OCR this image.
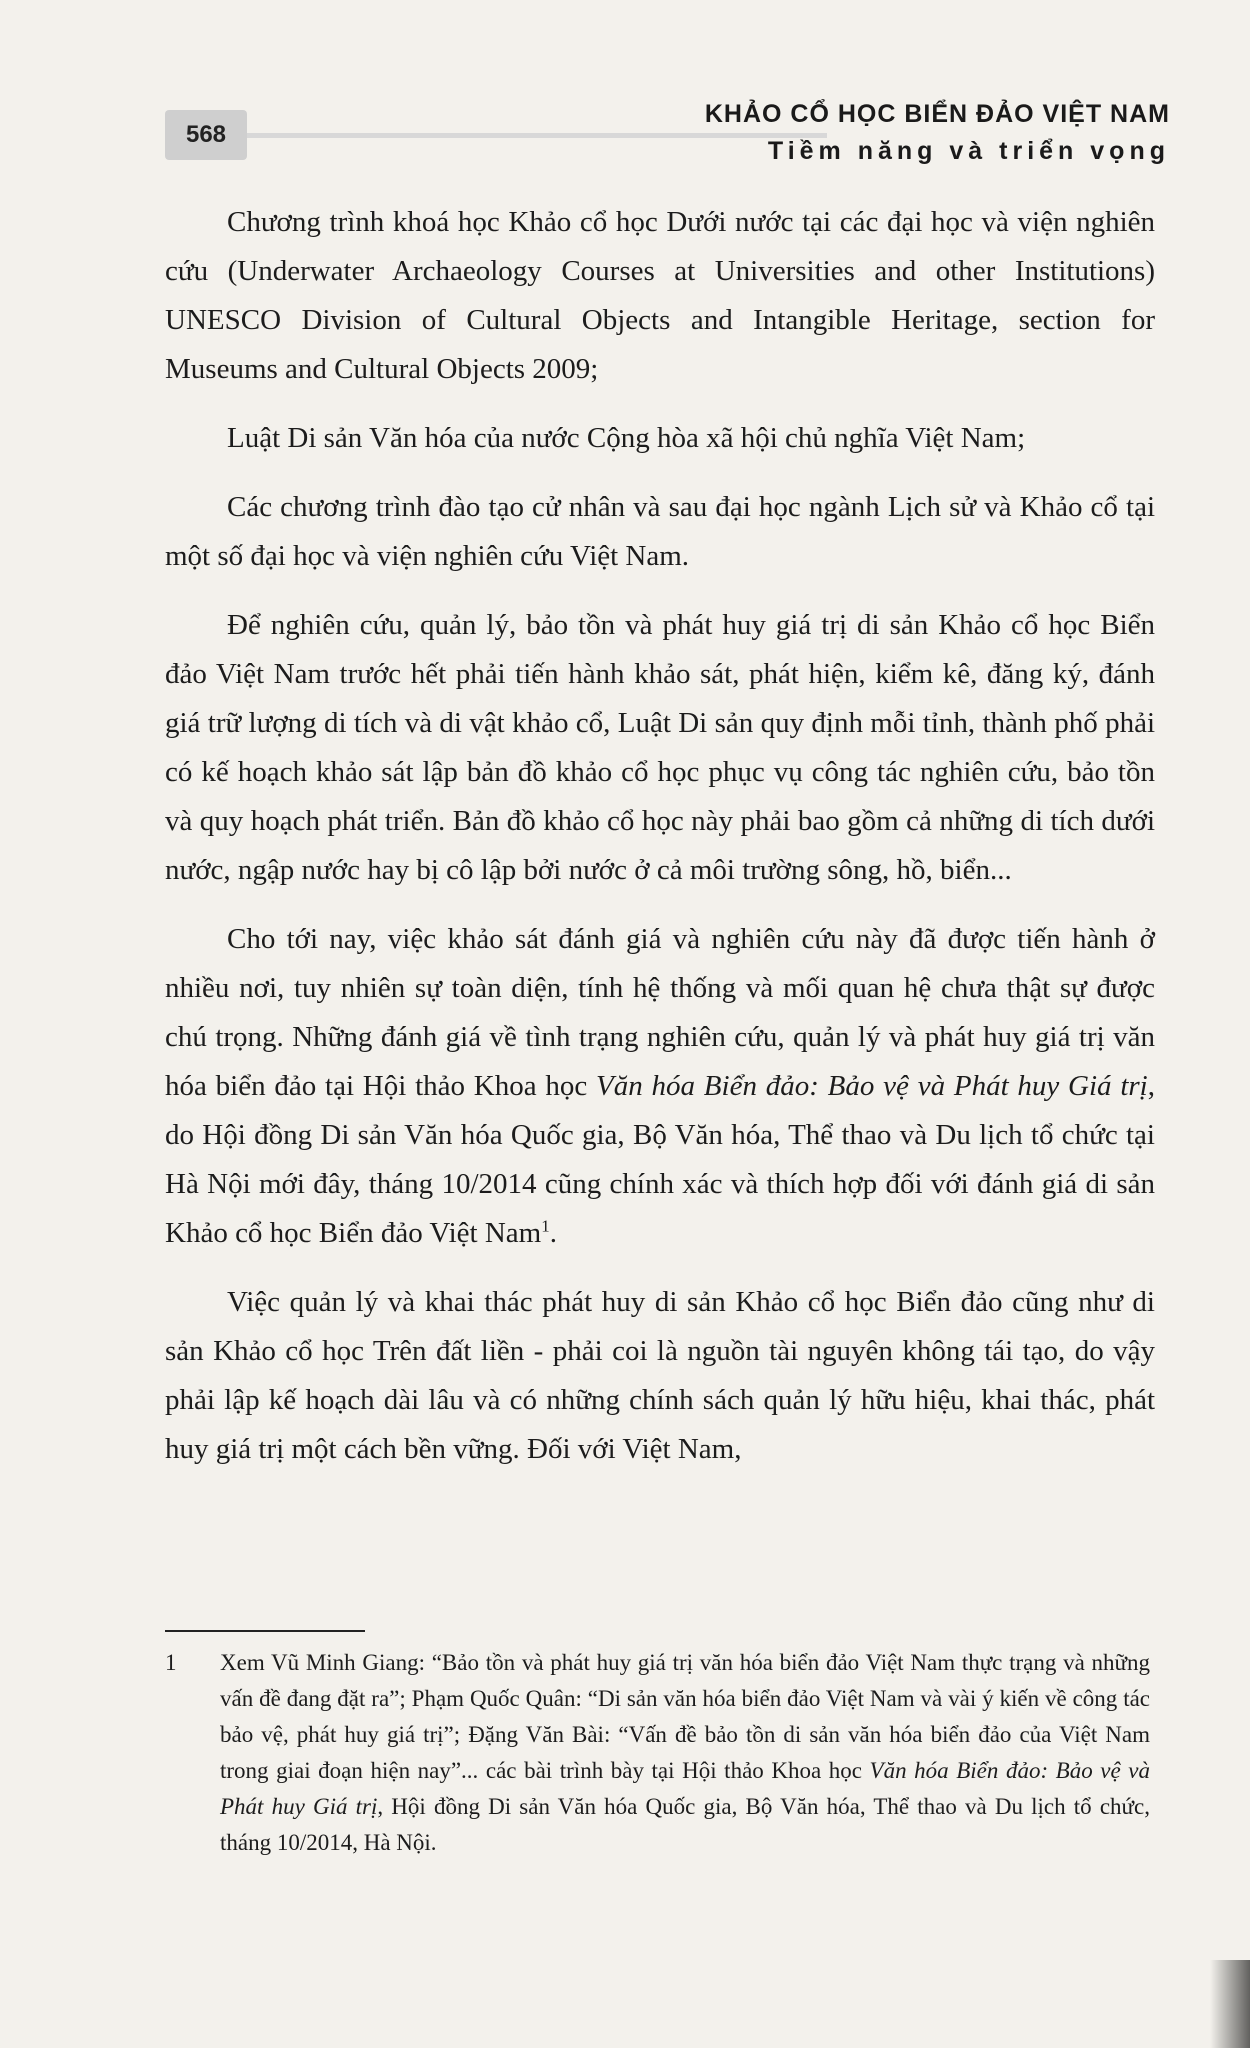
568
KHẢO CỔ HỌC BIỂN ĐẢO VIỆT NAM
Tiềm năng và triển vọng

Chương trình khoá học Khảo cổ học Dưới nước tại các đại học và viện nghiên cứu (Underwater Archaeology Courses at Universities and other Institutions) UNESCO Division of Cultural Objects and Intangible Heritage, section for Museums and Cultural Objects 2009;

Luật Di sản Văn hóa của nước Cộng hòa xã hội chủ nghĩa Việt Nam;

Các chương trình đào tạo cử nhân và sau đại học ngành Lịch sử và Khảo cổ tại một số đại học và viện nghiên cứu Việt Nam.

Để nghiên cứu, quản lý, bảo tồn và phát huy giá trị di sản Khảo cổ học Biển đảo Việt Nam trước hết phải tiến hành khảo sát, phát hiện, kiểm kê, đăng ký, đánh giá trữ lượng di tích và di vật khảo cổ, Luật Di sản quy định mỗi tỉnh, thành phố phải có kế hoạch khảo sát lập bản đồ khảo cổ học phục vụ công tác nghiên cứu, bảo tồn và quy hoạch phát triển. Bản đồ khảo cổ học này phải bao gồm cả những di tích dưới nước, ngập nước hay bị cô lập bởi nước ở cả môi trường sông, hồ, biển...

Cho tới nay, việc khảo sát đánh giá và nghiên cứu này đã được tiến hành ở nhiều nơi, tuy nhiên sự toàn diện, tính hệ thống và mối quan hệ chưa thật sự được chú trọng. Những đánh giá về tình trạng nghiên cứu, quản lý và phát huy giá trị văn hóa biển đảo tại Hội thảo Khoa học Văn hóa Biển đảo: Bảo vệ và Phát huy Giá trị, do Hội đồng Di sản Văn hóa Quốc gia, Bộ Văn hóa, Thể thao và Du lịch tổ chức tại Hà Nội mới đây, tháng 10/2014 cũng chính xác và thích hợp đối với đánh giá di sản Khảo cổ học Biển đảo Việt Nam$^1$.

Việc quản lý và khai thác phát huy di sản Khảo cổ học Biển đảo cũng như di sản Khảo cổ học Trên đất liền - phải coi là nguồn tài nguyên không tái tạo, do vậy phải lập kế hoạch dài lâu và có những chính sách quản lý hữu hiệu, khai thác, phát huy giá trị một cách bền vững. Đối với Việt Nam,

1	Xem Vũ Minh Giang: “Bảo tồn và phát huy giá trị văn hóa biển đảo Việt Nam thực trạng và những vấn đề đang đặt ra”; Phạm Quốc Quân: “Di sản văn hóa biển đảo Việt Nam và vài ý kiến về công tác bảo vệ, phát huy giá trị”; Đặng Văn Bài: “Vấn đề bảo tồn di sản văn hóa biển đảo của Việt Nam trong giai đoạn hiện nay”... các bài trình bày tại Hội thảo Khoa học Văn hóa Biển đảo: Bảo vệ và Phát huy Giá trị, Hội đồng Di sản Văn hóa Quốc gia, Bộ Văn hóa, Thể thao và Du lịch tổ chức, tháng 10/2014, Hà Nội.
